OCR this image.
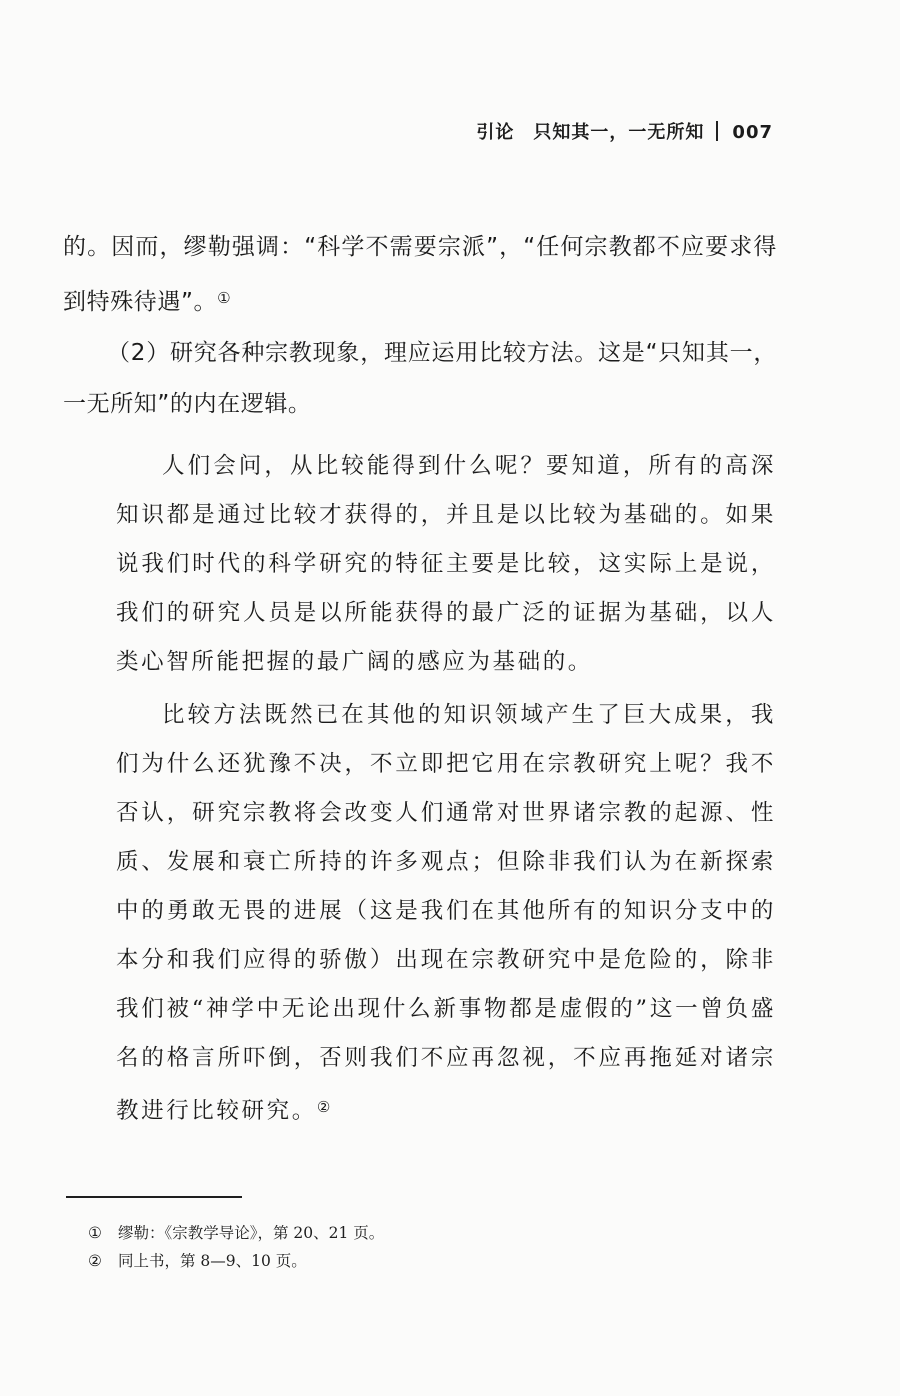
引论　只知其一，一无所知 007

的。因而，缪勒强调：“科学不需要宗派”，“任何宗教都不应要求得到特殊待遇”。①

（2）研究各种宗教现象，理应运用比较方法。这是“只知其一，一无所知”的内在逻辑。

人们会问，从比较能得到什么呢？要知道，所有的高深知识都是通过比较才获得的，并且是以比较为基础的。如果说我们时代的科学研究的特征主要是比较，这实际上是说，我们的研究人员是以所能获得的最广泛的证据为基础，以人类心智所能把握的最广阔的感应为基础的。

比较方法既然已在其他的知识领域产生了巨大成果，我们为什么还犹豫不决，不立即把它用在宗教研究上呢？我不否认，研究宗教将会改变人们通常对世界诸宗教的起源、性质、发展和衰亡所持的许多观点；但除非我们认为在新探索中的勇敢无畏的进展（这是我们在其他所有的知识分支中的本分和我们应得的骄傲）出现在宗教研究中是危险的，除非我们被“神学中无论出现什么新事物都是虚假的”这一曾负盛名的格言所吓倒，否则我们不应再忽视，不应再拖延对诸宗教进行比较研究。②

① 缪勒：《宗教学导论》，第 20、21 页。
② 同上书，第 8—9、10 页。
